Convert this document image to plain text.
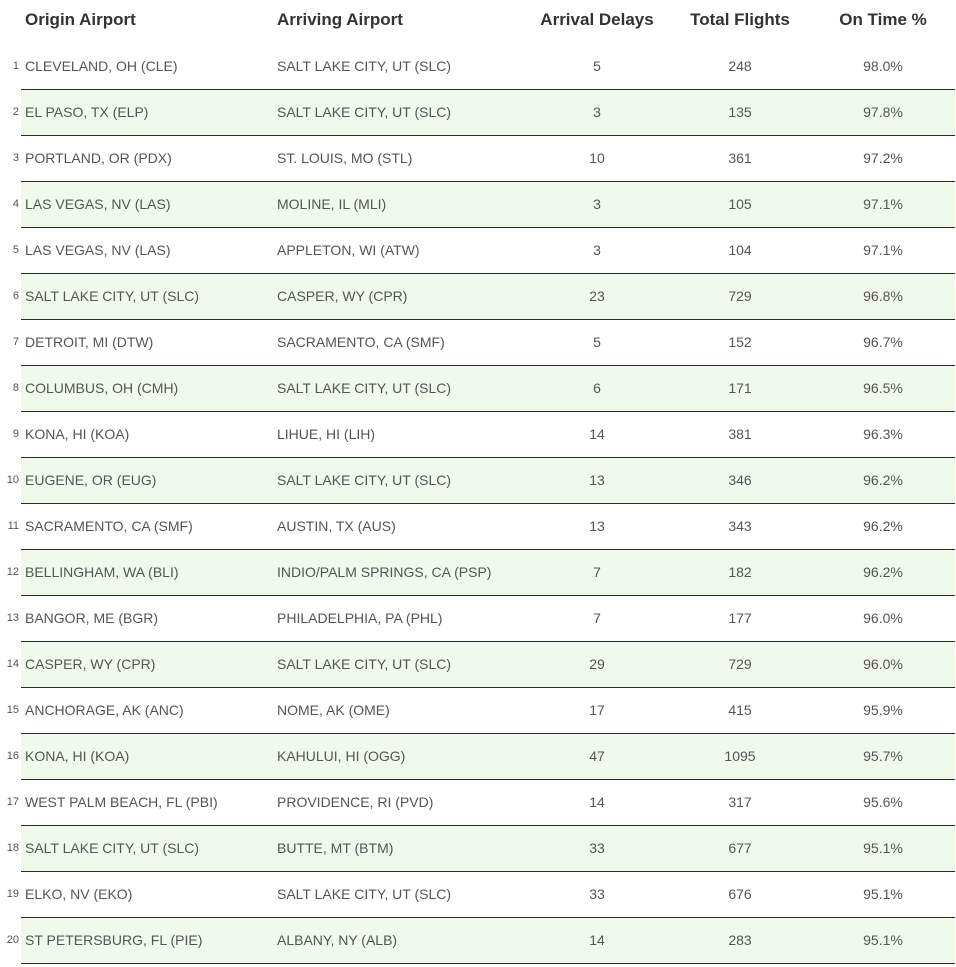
Origin Airport	Arriving Airport	Arrival Delays	Total Flights	On Time %
1 CLEVELAND, OH (CLE)	SALT LAKE CITY, UT (SLC)	5	248	98.0%
2 EL PASO, TX (ELP)	SALT LAKE CITY, UT (SLC)	3	135	97.8%
3 PORTLAND, OR (PDX)	ST. LOUIS, MO (STL)	10	361	97.2%
4 LAS VEGAS, NV (LAS)	MOLINE, IL (MLI)	3	105	97.1%
5 LAS VEGAS, NV (LAS)	APPLETON, WI (ATW)	3	104	97.1%
6 SALT LAKE CITY, UT (SLC)	CASPER, WY (CPR)	23	729	96.8%
7 DETROIT, MI (DTW)	SACRAMENTO, CA (SMF)	5	152	96.7%
8 COLUMBUS, OH (CMH)	SALT LAKE CITY, UT (SLC)	6	171	96.5%
9 KONA, HI (KOA)	LIHUE, HI (LIH)	14	381	96.3%
10 EUGENE, OR (EUG)	SALT LAKE CITY, UT (SLC)	13	346	96.2%
11 SACRAMENTO, CA (SMF)	AUSTIN, TX (AUS)	13	343	96.2%
12 BELLINGHAM, WA (BLI)	INDIO/PALM SPRINGS, CA (PSP)	7	182	96.2%
13 BANGOR, ME (BGR)	PHILADELPHIA, PA (PHL)	7	177	96.0%
14 CASPER, WY (CPR)	SALT LAKE CITY, UT (SLC)	29	729	96.0%
15 ANCHORAGE, AK (ANC)	NOME, AK (OME)	17	415	95.9%
16 KONA, HI (KOA)	KAHULUI, HI (OGG)	47	1095	95.7%
17 WEST PALM BEACH, FL (PBI)	PROVIDENCE, RI (PVD)	14	317	95.6%
18 SALT LAKE CITY, UT (SLC)	BUTTE, MT (BTM)	33	677	95.1%
19 ELKO, NV (EKO)	SALT LAKE CITY, UT (SLC)	33	676	95.1%
20 ST PETERSBURG, FL (PIE)	ALBANY, NY (ALB)	14	283	95.1%
